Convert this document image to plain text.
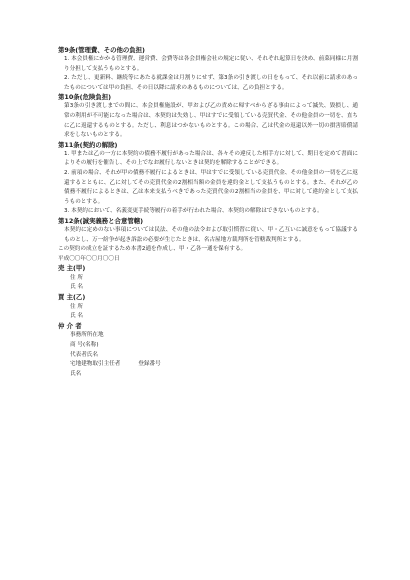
第9条(管理費、その他の負担)
1. 本会員権にかかる管理費、運営費、会費等は各会員権会社の規定に従い、それぞれ起算日を決め、前菜同様に月割り分担して支払うものとする。
2. ただし、更新料、継続等にあたる就課金は月割りにせず、第3条の引き渡しの日をもって、それ以前に請求のあったものについては甲の負担、その日以降に請求のあるものについては、乙の負担とする。
第10条(危険負担)
第3条の引き渡しまでの間に、本会員権施設が、甲および乙の責めに帰すべからざる事由によって滅失、毀損し、通常の利用が不可能になった場合は、本契約は失効し、甲はすでに受領している売買代金、その他金員の一切を、直ちに乙に返還するものとする。ただし、利息はつかないものとする。この場合、乙は代金の返還以外一切の損害賠償請求をしないものとする。
第11条(契約の解除)
1. 甲または乙の一方に本契約の債務不履行があった場合は、各々その違反した相手方に対して、期日を定めて書面によりその履行を催告し、その上でなお履行しないときは契約を解除することができる。
2. 前項の場合、それが甲の債務不履行によるときは、甲はすでに受領している売買代金、その他金員の一切を乙に返還するとともに、乙に対してその売買代金の2割相当額の金員を違約金として支払うものとする。また、それが乙の債務不履行によるときは、乙は本来支払うべきであった売買代金の2割相当の金員を、甲に対して違約金として支払うものとする。
3. 本契約において、名義変更手続等履行の着手が行われた場合、本契約の解除はできないものとする。
第12条(誠実義務と合意管轄)
本契約に定めのない事項については民法、その他の法令および取引慣習に従い、甲・乙互いに誠意をもって協議するものとし、万一紛争が起き訴訟の必要が生じたときは、名古屋地方裁判所を管轄裁判所とする。
この契約の成立を証するため本書2通を作成し、甲・乙各一通を保有する。
平成〇〇年〇〇月〇〇日
売 主(甲)
住 所
氏 名
買 主(乙)
住 所
氏 名
仲 介 者
事務所所在地
商 号(名称)
代表者氏名
宅地建物取引主任者	登録番号
氏名
